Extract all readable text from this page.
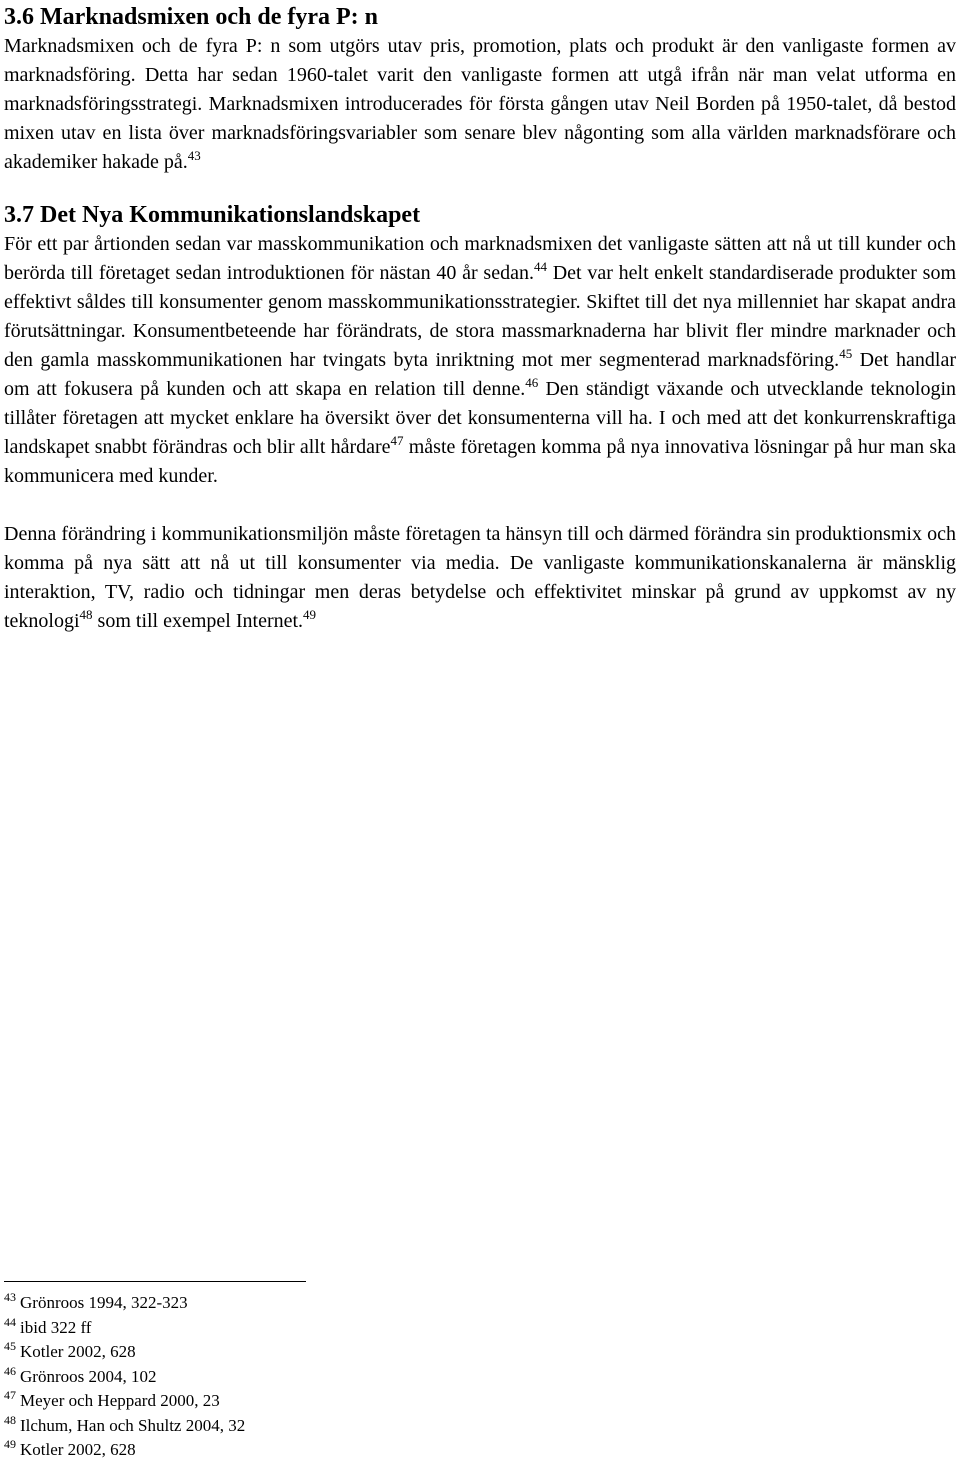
3.6 Marknadsmixen och de fyra P: n

Marknadsmixen och de fyra P: n som utgörs utav pris, promotion, plats och produkt är den vanligaste formen av marknadsföring. Detta har sedan 1960-talet varit den vanligaste formen att utgå ifrån när man velat utforma en marknadsföringsstrategi. Marknadsmixen introducerades för första gången utav Neil Borden på 1950-talet, då bestod mixen utav en lista över marknadsföringsvariabler som senare blev någonting som alla världen marknadsförare och akademiker hakade på.$^{43}$

3.7 Det Nya Kommunikationslandskapet

För ett par årtionden sedan var masskommunikation och marknadsmixen det vanligaste sätten att nå ut till kunder och berörda till företaget sedan introduktionen för nästan 40 år sedan.$^{44}$ Det var helt enkelt standardiserade produkter som effektivt såldes till konsumenter genom masskommunikationsstrategier. Skiftet till det nya millenniet har skapat andra förutsättningar. Konsumentbeteende har förändrats, de stora massmarknaderna har blivit fler mindre marknader och den gamla masskommunikationen har tvingats byta inriktning mot mer segmenterad marknadsföring.$^{45}$ Det handlar om att fokusera på kunden och att skapa en relation till denne.$^{46}$ Den ständigt växande och utvecklande teknologin tillåter företagen att mycket enklare ha översikt över det konsumenterna vill ha. I och med att det konkurrenskraftiga landskapet snabbt förändras och blir allt hårdare$^{47}$ måste företagen komma på nya innovativa lösningar på hur man ska kommunicera med kunder.

Denna förändring i kommunikationsmiljön måste företagen ta hänsyn till och därmed förändra sin produktionsmix och komma på nya sätt att nå ut till konsumenter via media. De vanligaste kommunikationskanalerna är mänsklig interaktion, TV, radio och tidningar men deras betydelse och effektivitet minskar på grund av uppkomst av ny teknologi$^{48}$ som till exempel Internet.$^{49}$

$^{43}$ Grönroos 1994, 322-323
$^{44}$ ibid 322 ff
$^{45}$ Kotler 2002, 628
$^{46}$ Grönroos 2004, 102
$^{47}$ Meyer och Heppard 2000, 23
$^{48}$ Ilchum, Han och Shultz 2004, 32
$^{49}$ Kotler 2002, 628
